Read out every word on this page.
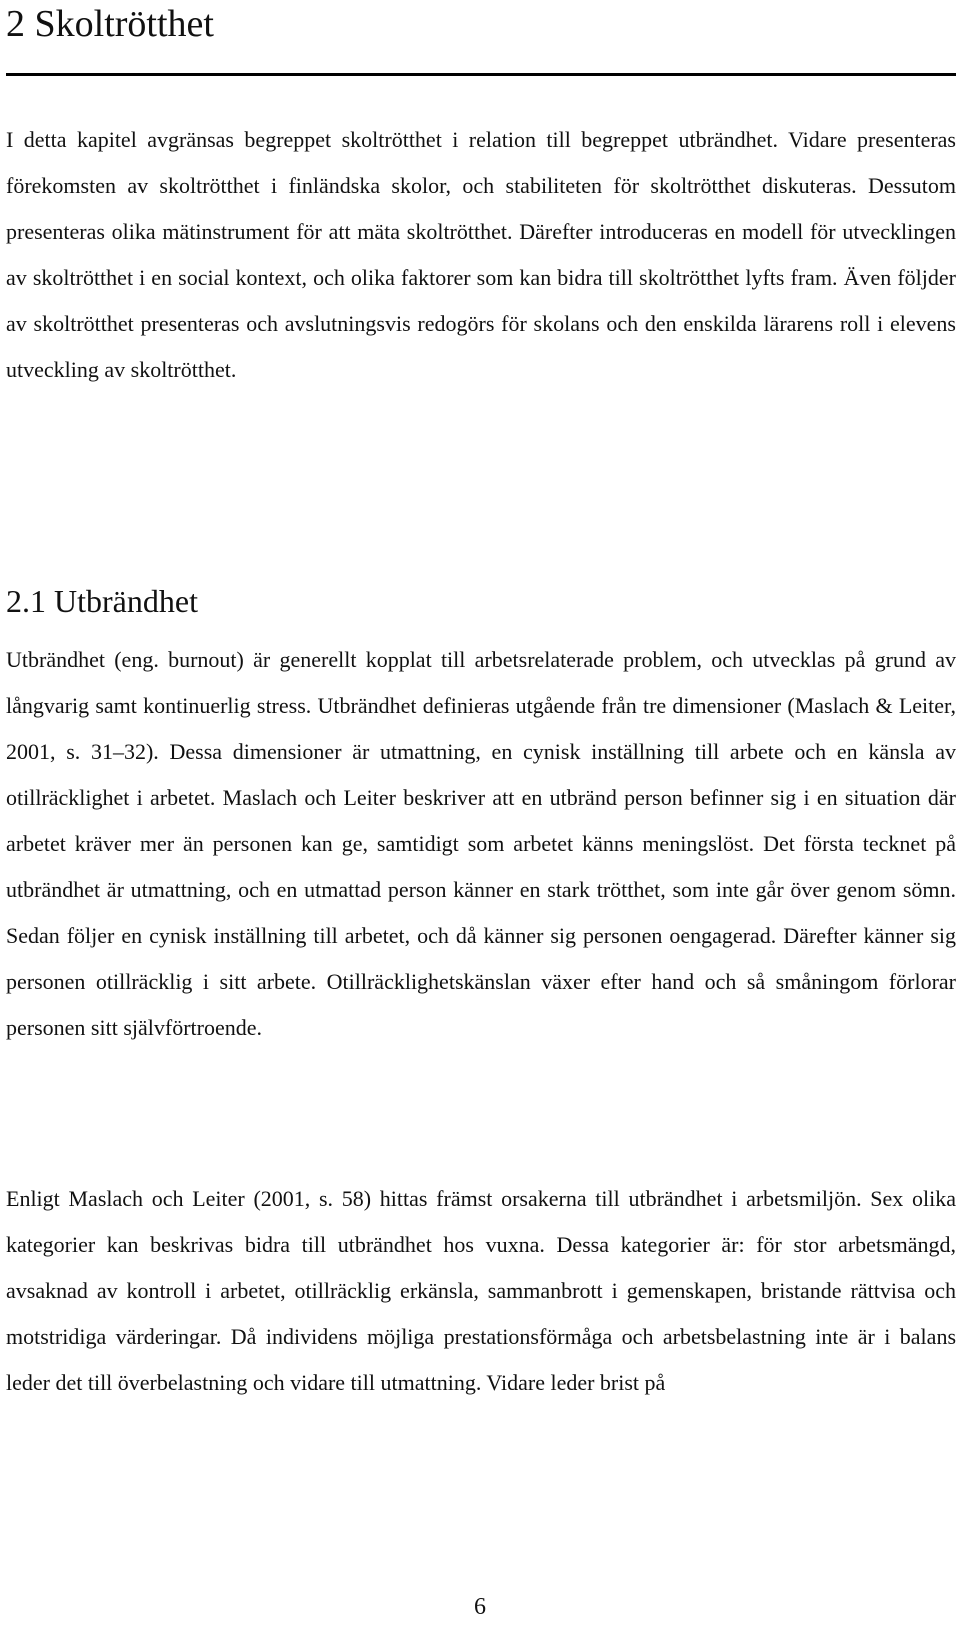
2 Skoltrötthet

I detta kapitel avgränsas begreppet skoltrötthet i relation till begreppet utbrändhet. Vidare presenteras förekomsten av skoltrötthet i finländska skolor, och stabiliteten för skoltrötthet diskuteras. Dessutom presenteras olika mätinstrument för att mäta skoltrötthet. Därefter introduceras en modell för utvecklingen av skoltrötthet i en social kontext, och olika faktorer som kan bidra till skoltrötthet lyfts fram. Även följder av skoltrötthet presenteras och avslutningsvis redogörs för skolans och den enskilda lärarens roll i elevens utveckling av skoltrötthet.

2.1 Utbrändhet

Utbrändhet (eng. burnout) är generellt kopplat till arbetsrelaterade problem, och utvecklas på grund av långvarig samt kontinuerlig stress. Utbrändhet definieras utgående från tre dimensioner (Maslach & Leiter, 2001, s. 31–32). Dessa dimensioner är utmattning, en cynisk inställning till arbete och en känsla av otillräcklighet i arbetet. Maslach och Leiter beskriver att en utbränd person befinner sig i en situation där arbetet kräver mer än personen kan ge, samtidigt som arbetet känns meningslöst. Det första tecknet på utbrändhet är utmattning, och en utmattad person känner en stark trötthet, som inte går över genom sömn. Sedan följer en cynisk inställning till arbetet, och då känner sig personen oengagerad. Därefter känner sig personen otillräcklig i sitt arbete. Otillräcklighetskänslan växer efter hand och så småningom förlorar personen sitt självförtroende.

Enligt Maslach och Leiter (2001, s. 58) hittas främst orsakerna till utbrändhet i arbetsmiljön. Sex olika kategorier kan beskrivas bidra till utbrändhet hos vuxna. Dessa kategorier är: för stor arbetsmängd, avsaknad av kontroll i arbetet, otillräcklig erkänsla, sammanbrott i gemenskapen, bristande rättvisa och motstridiga värderingar. Då individens möjliga prestationsförmåga och arbetsbelastning inte är i balans leder det till överbelastning och vidare till utmattning. Vidare leder brist på

6
